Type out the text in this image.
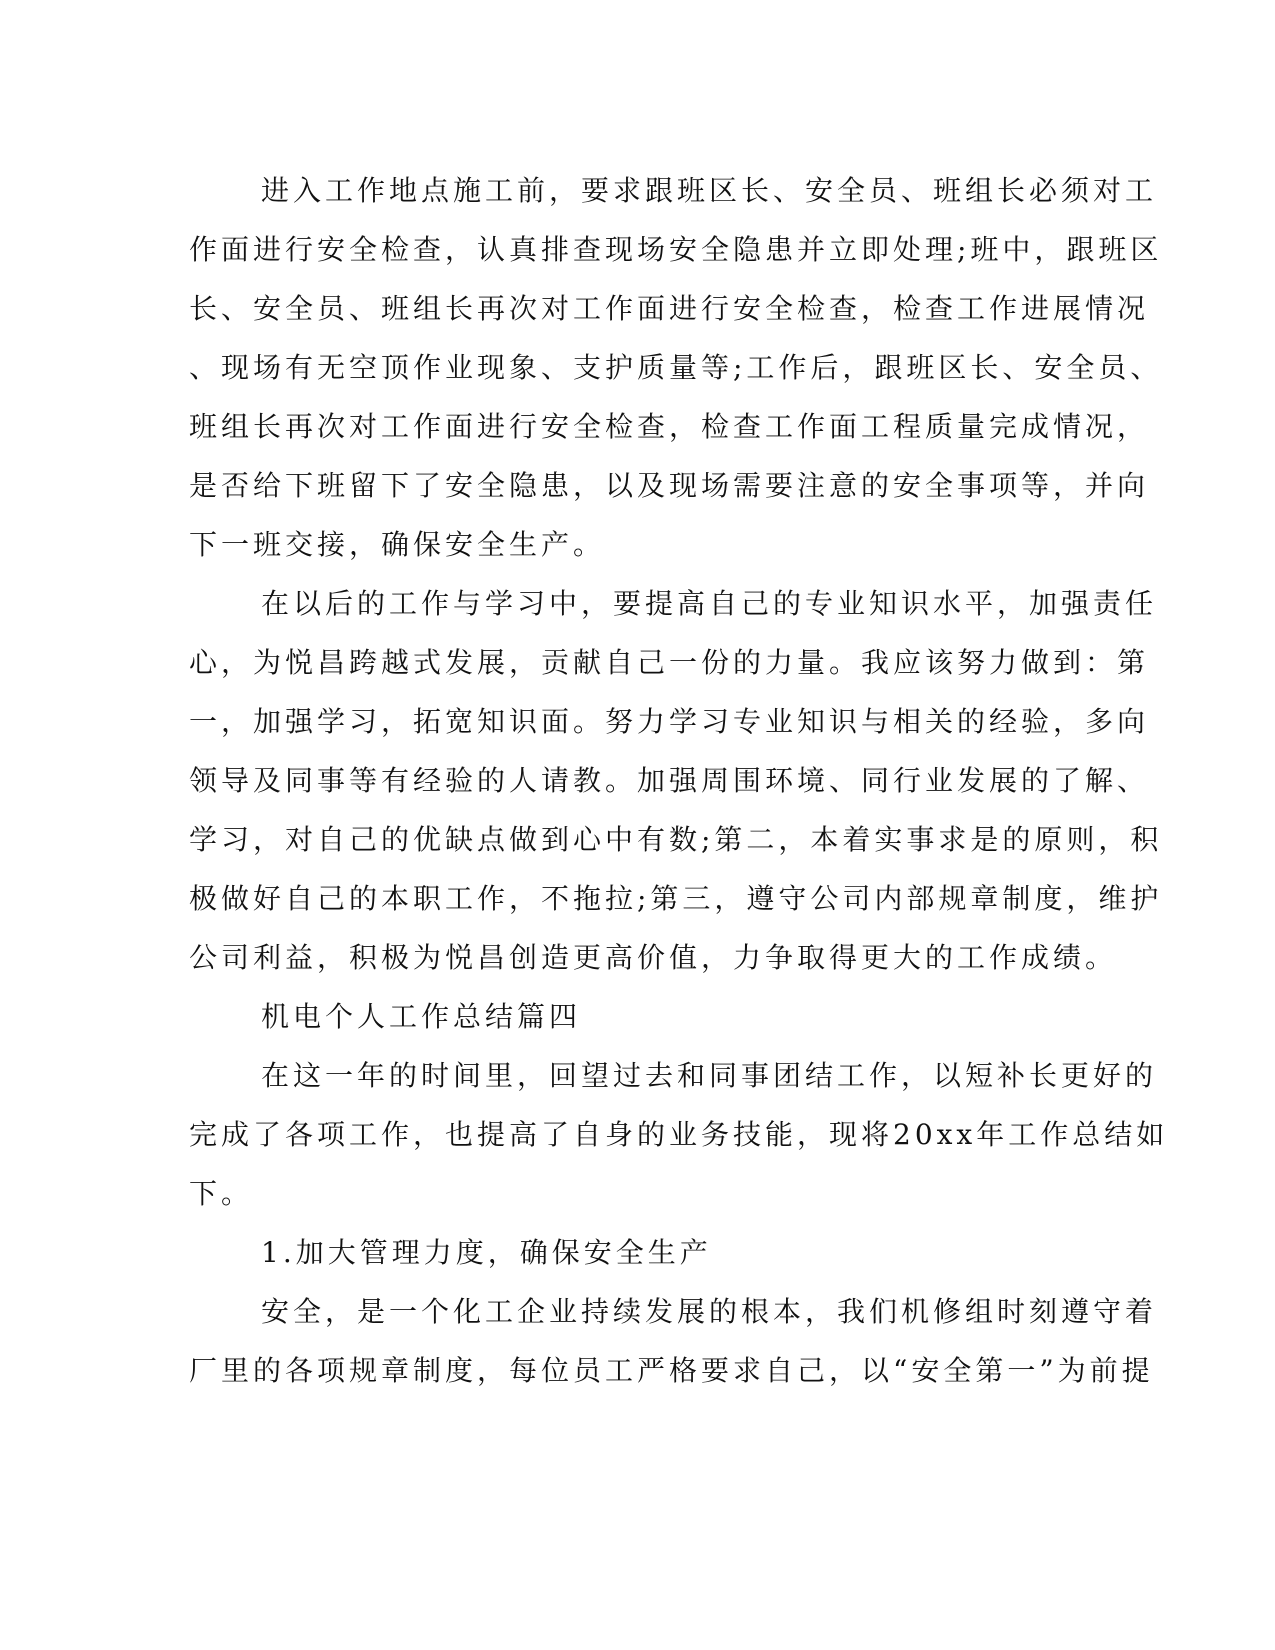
进入工作地点施工前，要求跟班区长、安全员、班组长必须对工
作面进行安全检查，认真排查现场安全隐患并立即处理;班中，跟班区
长、安全员、班组长再次对工作面进行安全检查，检查工作进展情况
、现场有无空顶作业现象、支护质量等;工作后，跟班区长、安全员、
班组长再次对工作面进行安全检查，检查工作面工程质量完成情况，
是否给下班留下了安全隐患，以及现场需要注意的安全事项等，并向
下一班交接，确保安全生产。
在以后的工作与学习中，要提高自己的专业知识水平，加强责任
心，为悦昌跨越式发展，贡献自己一份的力量。我应该努力做到：第
一，加强学习，拓宽知识面。努力学习专业知识与相关的经验，多向
领导及同事等有经验的人请教。加强周围环境、同行业发展的了解、
学习，对自己的优缺点做到心中有数;第二，本着实事求是的原则，积
极做好自己的本职工作，不拖拉;第三，遵守公司内部规章制度，维护
公司利益，积极为悦昌创造更高价值，力争取得更大的工作成绩。
机电个人工作总结篇四
在这一年的时间里，回望过去和同事团结工作，以短补长更好的
完成了各项工作，也提高了自身的业务技能，现将20xx年工作总结如
下。
1.加大管理力度，确保安全生产
安全，是一个化工企业持续发展的根本，我们机修组时刻遵守着
厂里的各项规章制度，每位员工严格要求自己，以“安全第一”为前提
